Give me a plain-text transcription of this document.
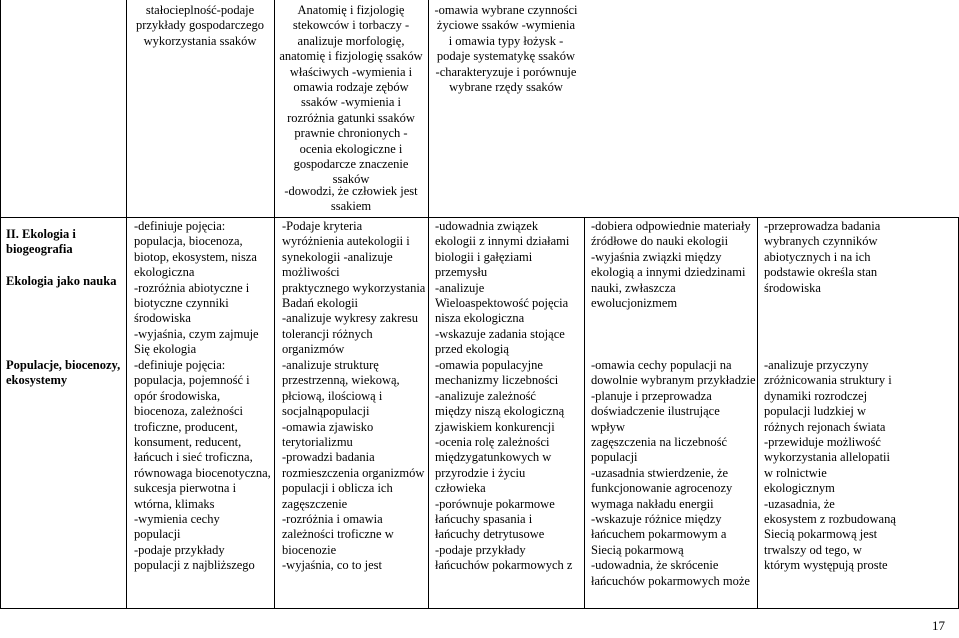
stałocieplność-podaje
przykłady gospodarczego
wykorzystania ssaków

Anatomię i fizjologię
stekowców i torbaczy -
analizuje morfologię,
anatomię i fizjologię ssaków
właściwych -wymienia i
omawia rodzaje zębów
ssaków -wymienia i
rozróżnia gatunki ssaków
prawnie chronionych -
ocenia ekologiczne i
gospodarcze znaczenie
ssaków

-dowodzi, że człowiek jest
ssakiem

-omawia wybrane czynności
życiowe ssaków -wymienia
i omawia typy łożysk -
podaje systematykę ssaków
-charakteryzuje i porównuje
wybrane rzędy ssaków

II. Ekologia i
biogeografia

Ekologia jako nauka

-definiuje pojęcia:
populacja, biocenoza,
biotop, ekosystem, nisza
ekologiczna
-rozróżnia abiotyczne i
biotyczne czynniki
środowiska
-wyjaśnia, czym zajmuje
Się ekologia

-Podaje kryteria
wyróżnienia autekologii i
synekologii -analizuje
możliwości
praktycznego wykorzystania
Badań ekologii
-analizuje wykresy zakresu
tolerancji różnych
organizmów

-udowadnia związek
ekologii z innymi działami
biologii i gałęziami
przemysłu
-analizuje
Wieloaspektowość pojęcia
nisza ekologiczna
-wskazuje zadania stojące
przed ekologią

-dobiera odpowiednie materiały
źródłowe do nauki ekologii
-wyjaśnia związki między
ekologią a innymi dziedzinami
nauki, zwłaszcza
ewolucjonizmem

-przeprowadza badania
wybranych czynników
abiotycznych i na ich
podstawie określa stan
środowiska

Populacje, biocenozy,
ekosystemy

-definiuje pojęcia:
populacja, pojemność i
opór środowiska,
biocenoza, zależności
troficzne, producent,
konsument, reducent,
łańcuch i sieć troficzna,
równowaga biocenotyczna,
sukcesja pierwotna i
wtórna, klimaks
-wymienia cechy
populacji
-podaje przykłady
populacji z najbliższego

-analizuje strukturę
przestrzenną, wiekową,
płciową, ilościową i
socjalnąpopulacji
-omawia zjawisko
terytorializmu
-prowadzi badania
rozmieszczenia organizmów
populacji i oblicza ich
zagęszczenie
-rozróżnia i omawia
zależności troficzne w
biocenozie
-wyjaśnia, co to jest

-omawia populacyjne
mechanizmy liczebności
-analizuje zależność
między niszą ekologiczną
zjawiskiem konkurencji
-ocenia rolę zależności
międzygatunkowych w
przyrodzie i życiu
człowieka
-porównuje pokarmowe
łańcuchy spasania i
łańcuchy detrytusowe
-podaje przykłady
łańcuchów pokarmowych z

-omawia cechy populacji na
dowolnie wybranym przykładzie
-planuje i przeprowadza
doświadczenie ilustrujące wpływ
zagęszczenia na liczebność
populacji
-uzasadnia stwierdzenie, że
funkcjonowanie agrocenozy
wymaga nakładu energii
-wskazuje różnice między
łańcuchem pokarmowym a
Siecią pokarmową
-udowadnia, że skrócenie
łańcuchów pokarmowych może

-analizuje przyczyny
zróżnicowania struktury i
dynamiki rozrodczej
populacji ludzkiej w
różnych rejonach świata
-przewiduje możliwość
wykorzystania allelopatii
w rolnictwie
ekologicznym
-uzasadnia, że
ekosystem z rozbudowaną
Siecią pokarmową jest
trwalszy od tego, w
którym występują proste

17
